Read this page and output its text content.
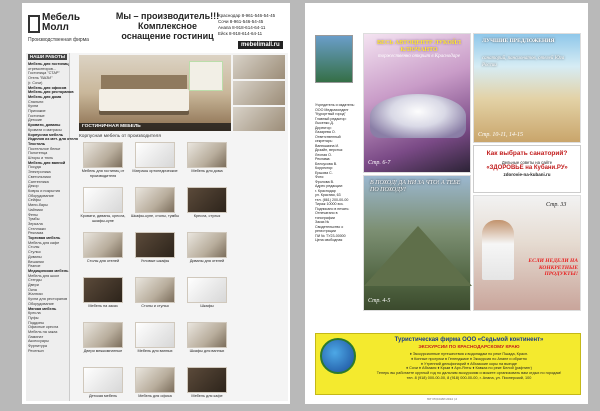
Мебель Молл
Производственная фирма
Мы – производитель!!!
Комплексное
оснащение гостиниц
Краснодар 8-961-546-54-45
Сочи 8-961-546-54-45
Анапа 8-918-614-64-11
Ейск 8-918-614-64-11
mebelimall.ru
НАШИ РАБОТЫ
Мебель для гостиниц
отремонтиров...
Гостиница "СТАР"
Отель "ВАЗИ"
(г. Сочи)
Мебель для офисов
Мебель для ресторанов
Мебель для дома
Спальни
Кухни
Прихожие
Гостиные
Детские
Кровати, диваны
Кровати и матрасы
Корпусная мебель
Изделия из мет. для отеля
Текстиль
Постельное белье
Полотенца
Шторы и тюль
Мебель для ванной
Посуда
Электроника
Светильники
Сантехника
Декор
Ковры и покрытия
Оборудование
Сейфы
Мини-бары
Чайники
Фены
Тумбы
Зеркала
Стеллажи
Реклама
Торговая мебель
Мебель для кафе
Столы
Стулья
Диваны
Вешалки
Разное
Медицинская мебель
Мебель для школ
Стенды
Двери
Окна
Жалюзи
Кухни для ресторанов
Оборудование
Мягкая мебель
Кресла
Пуфы
Поддоны
Офисные кресла
Мебель на заказ
Ламинат
Аксессуары
Фурнитура
Ресепшн
ГОСТИНИЧНАЯ МЕБЕЛЬ
Корпусная мебель от производителя
Мебель для гостиниц от производителя
Матрасы ортопедические	Мебель для дома
Кровати, диваны, кресла, шкафы-купе
Шкафы-купе, столы, тумбы	Кресла, стулья
Столы для отелей	Угловые шкафы	Диваны для отелей
Мебель на заказ	Столы и стулья	Шкафы
Двери межкомнатные	Мебель для ванных	Шкафы для ванных
Детская мебель	Мебель для офиса	Мебель для кафе
Учредитель и издатель:
ООО Медиахолдинг
"Курортный город"
Главный редактор:
Лысенко Д.
Директор:
Лазарева О.
Ответственный
секретарь:
Ванюшкина И.
Дизайн, верстка:
Лесная О.
Реклама:
Белоусова В.
Корректор:
Ершова С.
Фото:
Фролова В.
Адрес редакции:
г. Краснодар
ул. Красная, 63
тел. (861) 200-00-00
Тираж 10000 экз.
Подписано в печать:
Отпечатано в
типографии
Заказ №
Свидетельство о
регистрации
ПИ № ТУ23-00000
Цена свободная
ВЕСЬ АВТОЦЕНТР ЛУКОЙЛ КЛЮЧАНТО
торжественно открыт в Краснодаре
Стр. 6-7
ЛУЧШИЕ ПРЕДЛОЖЕНИЯ
санаторий, пансионатов, отелей Юга России
Стр. 10-11, 14-15
В ПОХОД! ДА НИ ЗА ЧТО! А ТЕБЕ ПО ПОХОДУ!
Стр. 4-5
Как выбрать санаторий?
Дельные советы на сайте
«ЗДОРОВЬЕ на Кубани.РУ»
zdorovie-na-kubani.ru
Стр. 33
ЕСЛИ НЕДЕЛИ НА КОНКРЕТНЫЕ ПРОДУКТЫ!
Туристическая фирма ООО «Седьмой континент»
ЭКСКУРСИИ ПО КРАСНОДАРСКОМУ КРАЮ
♦ Экскурсионные путешествия к водопадам по реке Пшада, Красн.
♦ Конные прогулки в Геленджике ♦ Экскурсия по Анапе и обратно
♦ Утренний дельфинарий ♦ Абхазские коры на выезде
♦ Сочи ♦ Абхазия ♦ Крым ♦ Арх-Ялты ♦ Кавказ по реке Белой (рафтинг)
Теперь вы работаете круглый год по дальним экскурсиям и можете организовать вам отдых по городам!
тел. 8 (918) 000-00-00, 8 (918) 000-00-00, г. Анапа, ул. Пионерский, 100
ЮГ РОССИИ 2014 | 2
